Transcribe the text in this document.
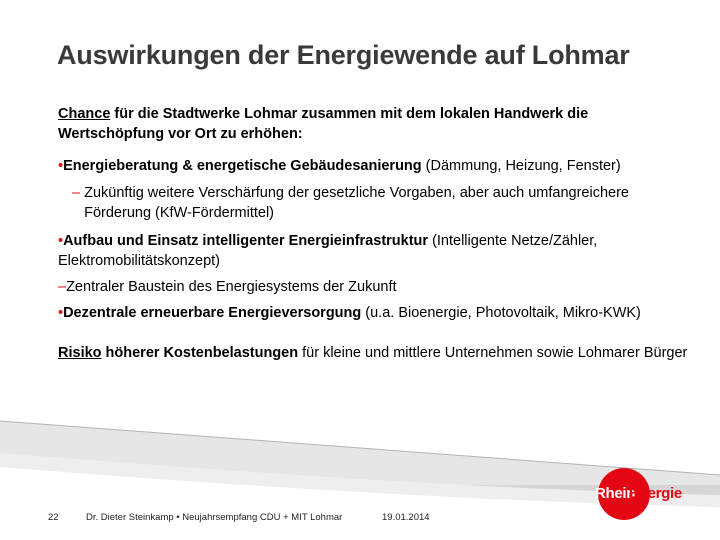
Auswirkungen der Energiewende auf Lohmar
Chance für die Stadtwerke Lohmar zusammen mit dem lokalen Handwerk die Wertschöpfung vor Ort zu erhöhen:
•Energieberatung & energetische Gebäudesanierung (Dämmung, Heizung, Fenster)
– Zukünftig weitere Verschärfung der gesetzliche Vorgaben, aber auch umfangreichere Förderung (KfW-Fördermittel)
•Aufbau und Einsatz intelligenter Energieinfrastruktur (Intelligente Netze/Zähler, Elektromobilitätskonzept)
–Zentraler Baustein des Energiesystems der Zukunft
•Dezentrale erneuerbare Energieversorgung (u.a. Bioenergie, Photovoltaik, Mikro-KWK)
Risiko höherer Kostenbelastungen für kleine und mittlere Unternehmen sowie Lohmarer Bürger
22	Dr. Dieter Steinkamp • Neujahrsempfang CDU + MIT Lohmar	19.01.2014
Rhein
Energie
